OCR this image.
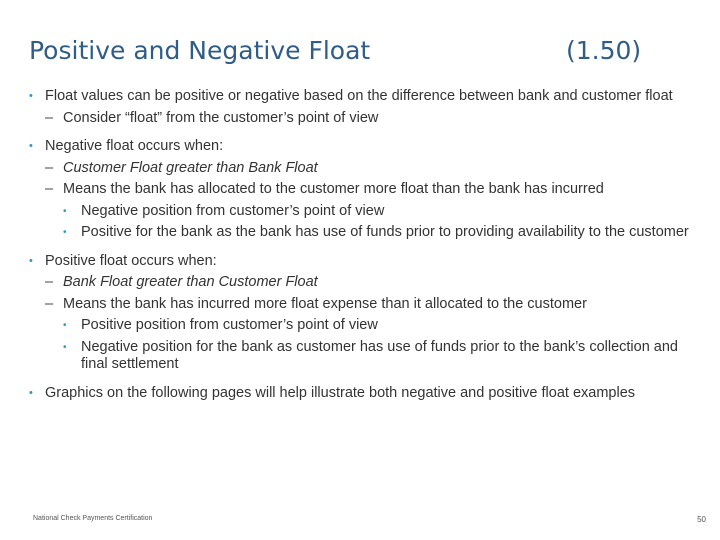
Positive and Negative Float	(1.50)
• Float values can be positive or negative based on the difference between bank and customer float
– Consider “float” from the customer’s point of view
• Negative float occurs when:
– Customer Float greater than Bank Float
– Means the bank has allocated to the customer more float than the bank has incurred
• Negative position from customer’s point of view
• Positive for the bank as the bank has use of funds prior to providing availability to the customer
• Positive float occurs when:
– Bank Float greater than Customer Float
– Means the bank has incurred more float expense than it allocated to the customer
• Positive position from customer’s point of view
• Negative position for the bank as customer has use of funds prior to the bank’s collection and final settlement
• Graphics on the following pages will help illustrate both negative and positive float examples
National Check Payments Certification	50
